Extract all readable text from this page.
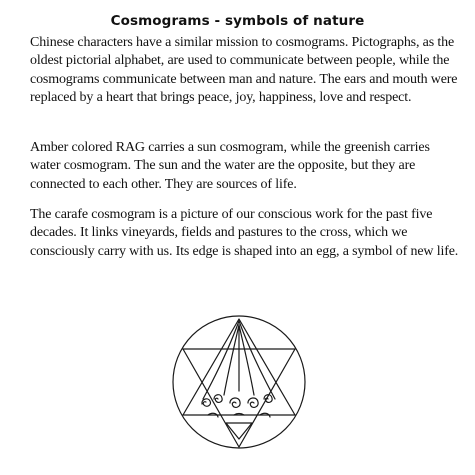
Cosmograms - symbols of nature

Chinese characters have a similar mission to cosmograms. Pictographs, as the oldest pictorial alphabet, are used to communicate between people, while the cosmograms communicate between man and nature. The ears and mouth were replaced by a heart that brings peace, joy, happiness, love and respect.

Amber colored RAG carries a sun cosmogram, while the greenish carries water cosmogram. The sun and the water are the opposite, but they are connected to each other. They are sources of life.

The carafe cosmogram is a picture of our conscious work for the past five decades. It links vineyards, fields and pastures to the cross, which we consciously carry with us. Its edge is shaped into an egg, a symbol of new life.
